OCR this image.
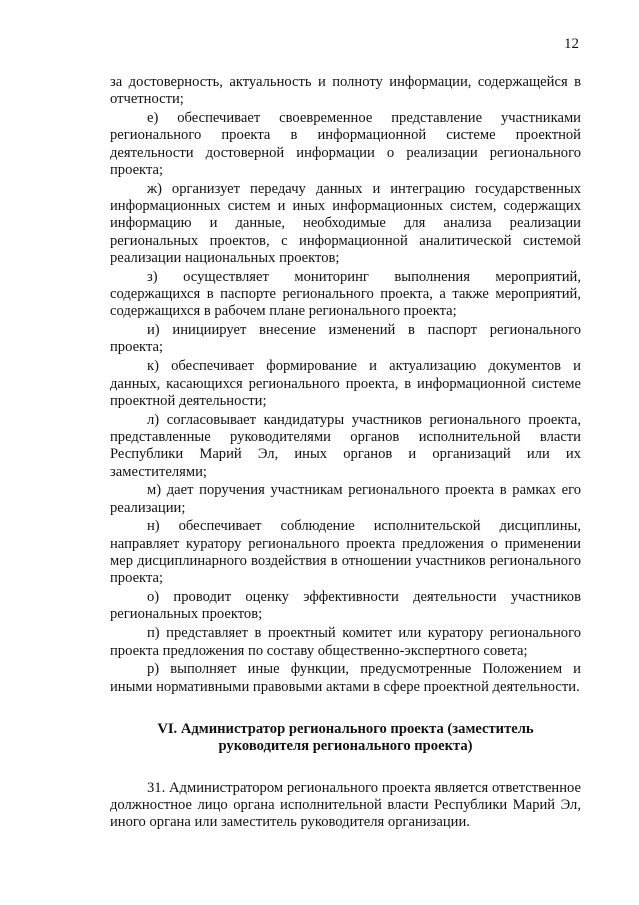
12

за достоверность, актуальность и полноту информации, содержащейся в отчетности;

е) обеспечивает своевременное представление участниками регионального проекта в информационной системе проектной деятельности достоверной информации о реализации регионального проекта;

ж) организует передачу данных и интеграцию государственных информационных систем и иных информационных систем, содержащих информацию и данные, необходимые для анализа реализации региональных проектов, с информационной аналитической системой реализации национальных проектов;

з) осуществляет мониторинг выполнения мероприятий, содержащихся в паспорте регионального проекта, а также мероприятий, содержащихся в рабочем плане регионального проекта;

и) инициирует внесение изменений в паспорт регионального проекта;

к) обеспечивает формирование и актуализацию документов и данных, касающихся регионального проекта, в информационной системе проектной деятельности;

л) согласовывает кандидатуры участников регионального проекта, представленные руководителями органов исполнительной власти Республики Марий Эл, иных органов и организаций или их заместителями;

м) дает поручения участникам регионального проекта в рамках его реализации;

н) обеспечивает соблюдение исполнительской дисциплины, направляет куратору регионального проекта предложения о применении мер дисциплинарного воздействия в отношении участников регионального проекта;

о) проводит оценку эффективности деятельности участников региональных проектов;

п) представляет в проектный комитет или куратору регионального проекта предложения по составу общественно-экспертного совета;

р) выполняет иные функции, предусмотренные Положением и иными нормативными правовыми актами в сфере проектной деятельности.

VI. Администратор регионального проекта (заместитель
руководителя регионального проекта)

31. Администратором регионального проекта является ответственное должностное лицо органа исполнительной власти Республики Марий Эл, иного органа или заместитель руководителя организации.
